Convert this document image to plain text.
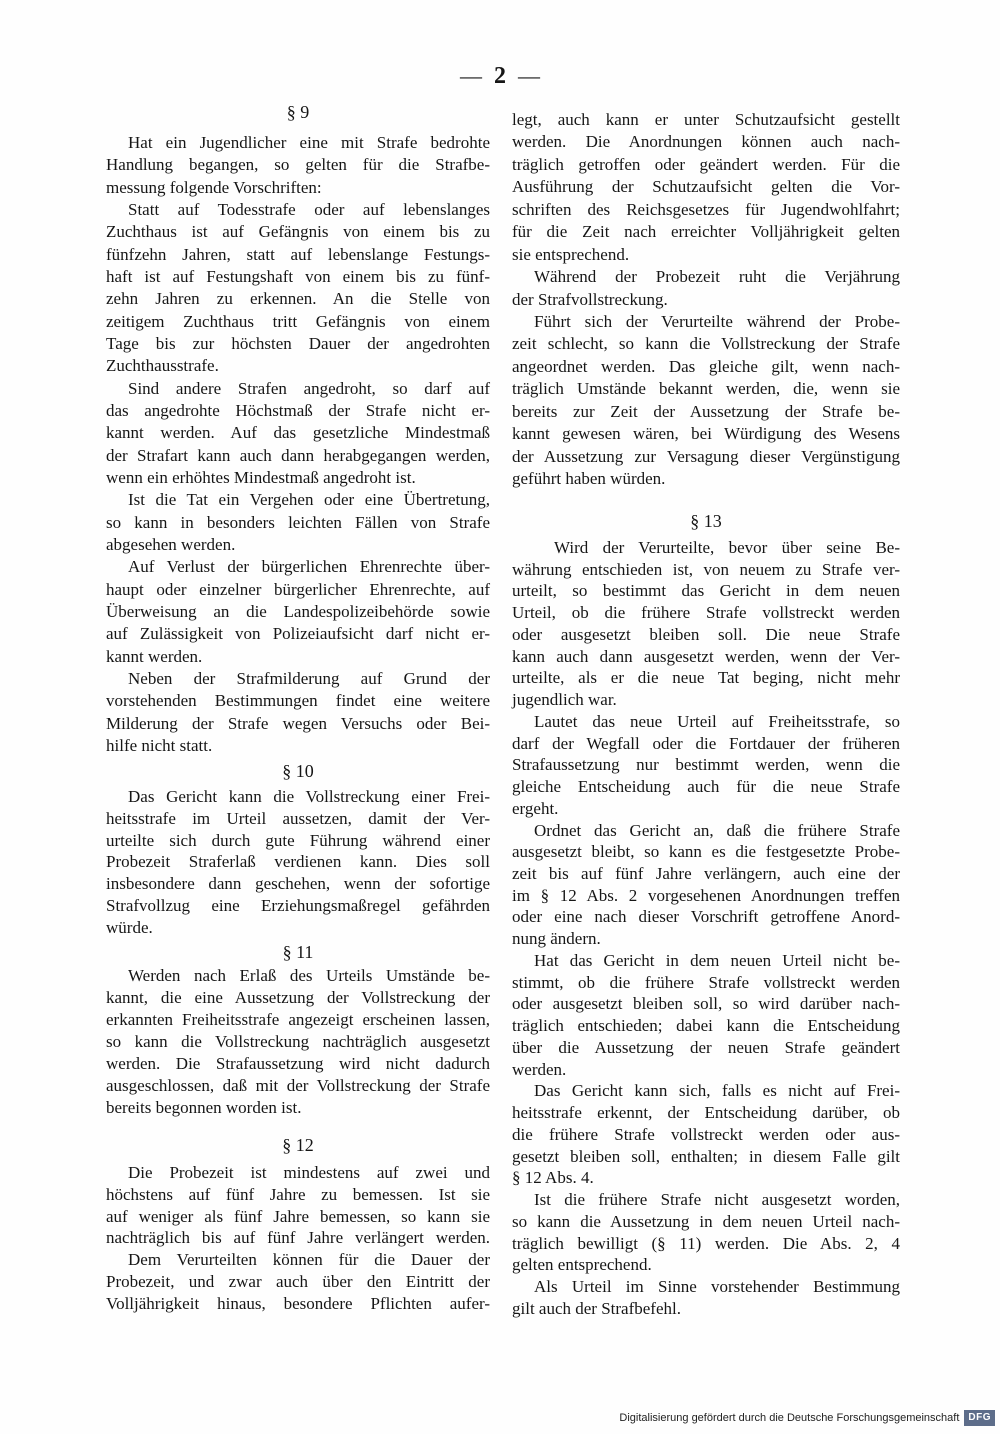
— 2 —
§ 9
Hat ein Jugendlicher eine mit Strafe bedrohte
Handlung begangen, so gelten für die Strafbe-
messung folgende Vorschriften:
Statt auf Todesstrafe oder auf lebenslanges
Zuchthaus ist auf Gefängnis von einem bis zu
fünfzehn Jahren, statt auf lebenslange Festungs-
haft ist auf Festungshaft von einem bis zu fünf-
zehn Jahren zu erkennen. An die Stelle von
zeitigem Zuchthaus tritt Gefängnis von einem
Tage bis zur höchsten Dauer der angedrohten
Zuchthausstrafe.
Sind andere Strafen angedroht, so darf auf
das angedrohte Höchstmaß der Strafe nicht er-
kannt werden. Auf das gesetzliche Mindestmaß
der Strafart kann auch dann herabgegangen werden,
wenn ein erhöhtes Mindestmaß angedroht ist.
Ist die Tat ein Vergehen oder eine Übertretung,
so kann in besonders leichten Fällen von Strafe
abgesehen werden.
Auf Verlust der bürgerlichen Ehrenrechte über-
haupt oder einzelner bürgerlicher Ehrenrechte, auf
Überweisung an die Landespolizeibehörde sowie
auf Zulässigkeit von Polizeiaufsicht darf nicht er-
kannt werden.
Neben der Strafmilderung auf Grund der
vorstehenden Bestimmungen findet eine weitere
Milderung der Strafe wegen Versuchs oder Bei-
hilfe nicht statt.
§ 10
Das Gericht kann die Vollstreckung einer Frei-
heitsstrafe im Urteil aussetzen, damit der Ver-
urteilte sich durch gute Führung während einer
Probezeit Straferlaß verdienen kann. Dies soll
insbesondere dann geschehen, wenn der sofortige
Strafvollzug eine Erziehungsmaßregel gefährden
würde.
§ 11
Werden nach Erlaß des Urteils Umstände be-
kannt, die eine Aussetzung der Vollstreckung der
erkannten Freiheitsstrafe angezeigt erscheinen lassen,
so kann die Vollstreckung nachträglich ausgesetzt
werden. Die Strafaussetzung wird nicht dadurch
ausgeschlossen, daß mit der Vollstreckung der Strafe
bereits begonnen worden ist.
§ 12
Die Probezeit ist mindestens auf zwei und
höchstens auf fünf Jahre zu bemessen. Ist sie
auf weniger als fünf Jahre bemessen, so kann sie
nachträglich bis auf fünf Jahre verlängert werden.
Dem Verurteilten können für die Dauer der
Probezeit, und zwar auch über den Eintritt der
Volljährigkeit hinaus, besondere Pflichten aufer-
legt, auch kann er unter Schutzaufsicht gestellt
werden. Die Anordnungen können auch nach-
träglich getroffen oder geändert werden. Für die
Ausführung der Schutzaufsicht gelten die Vor-
schriften des Reichsgesetzes für Jugendwohlfahrt;
für die Zeit nach erreichter Volljährigkeit gelten
sie entsprechend.
Während der Probezeit ruht die Verjährung
der Strafvollstreckung.
Führt sich der Verurteilte während der Probe-
zeit schlecht, so kann die Vollstreckung der Strafe
angeordnet werden. Das gleiche gilt, wenn nach-
träglich Umstände bekannt werden, die, wenn sie
bereits zur Zeit der Aussetzung der Strafe be-
kannt gewesen wären, bei Würdigung des Wesens
der Aussetzung zur Versagung dieser Vergünstigung
geführt haben würden.
§ 13
Wird der Verurteilte, bevor über seine Be-
währung entschieden ist, von neuem zu Strafe ver-
urteilt, so bestimmt das Gericht in dem neuen
Urteil, ob die frühere Strafe vollstreckt werden
oder ausgesetzt bleiben soll. Die neue Strafe
kann auch dann ausgesetzt werden, wenn der Ver-
urteilte, als er die neue Tat beging, nicht mehr
jugendlich war.
Lautet das neue Urteil auf Freiheitsstrafe, so
darf der Wegfall oder die Fortdauer der früheren
Strafaussetzung nur bestimmt werden, wenn die
gleiche Entscheidung auch für die neue Strafe
ergeht.
Ordnet das Gericht an, daß die frühere Strafe
ausgesetzt bleibt, so kann es die festgesetzte Probe-
zeit bis auf fünf Jahre verlängern, auch eine der
im § 12 Abs. 2 vorgesehenen Anordnungen treffen
oder eine nach dieser Vorschrift getroffene Anord-
nung ändern.
Hat das Gericht in dem neuen Urteil nicht be-
stimmt, ob die frühere Strafe vollstreckt werden
oder ausgesetzt bleiben soll, so wird darüber nach-
träglich entschieden; dabei kann die Entscheidung
über die Aussetzung der neuen Strafe geändert
werden.
Das Gericht kann sich, falls es nicht auf Frei-
heitsstrafe erkennt, der Entscheidung darüber, ob
die frühere Strafe vollstreckt werden oder aus-
gesetzt bleiben soll, enthalten; in diesem Falle gilt
§ 12 Abs. 4.
Ist die frühere Strafe nicht ausgesetzt worden,
so kann die Aussetzung in dem neuen Urteil nach-
träglich bewilligt (§ 11) werden. Die Abs. 2, 4
gelten entsprechend.
Als Urteil im Sinne vorstehender Bestimmung
gilt auch der Strafbefehl.
Digitalisierung gefördert durch die Deutsche Forschungsgemeinschaft DFG
